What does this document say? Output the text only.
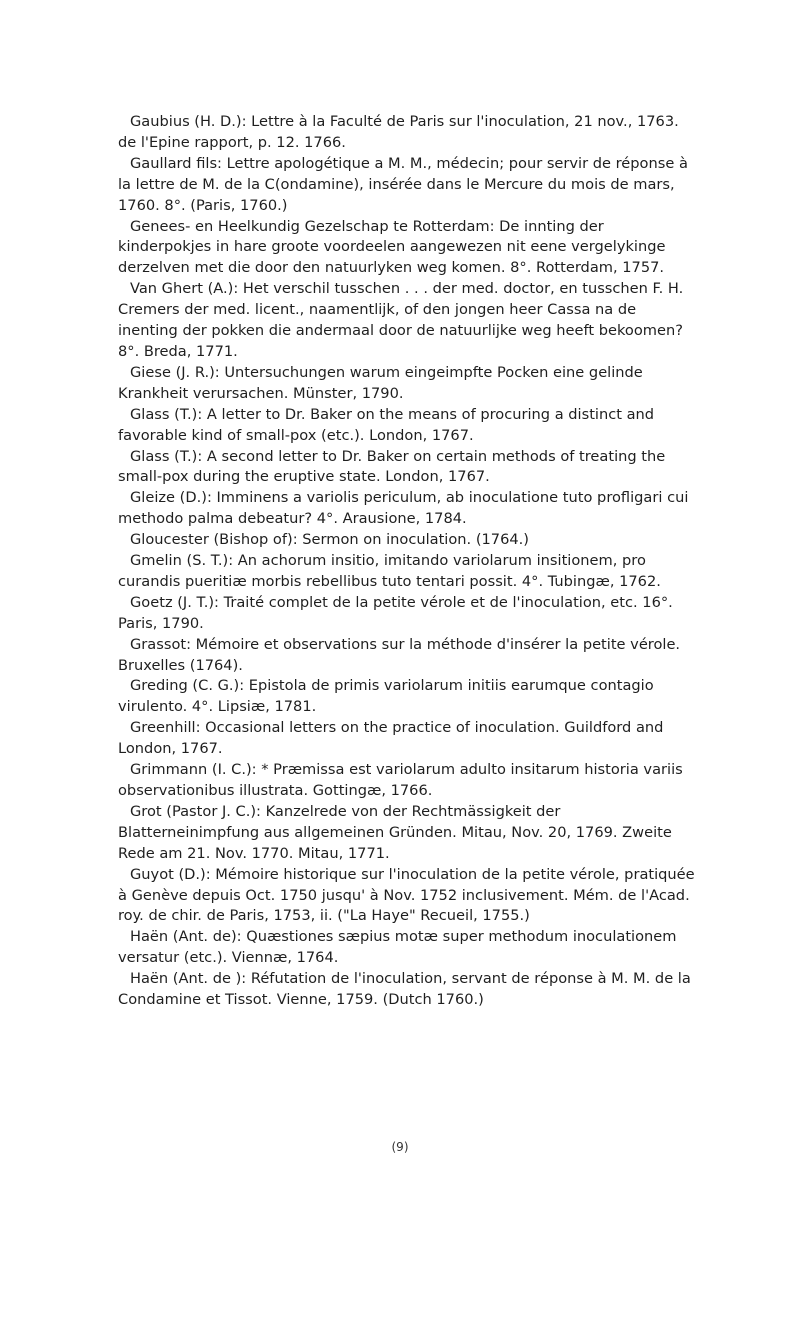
Gaubius (H. D.): Lettre à la Faculté de Paris sur l'inoculation, 21 nov., 1763. de l'Epine rapport, p. 12. 1766.

Gaullard fils: Lettre apologétique a M. M., médecin; pour servir de réponse à la lettre de M. de la C(ondamine), insérée dans le Mercure du mois de mars, 1760. 8°. (Paris, 1760.)

Genees- en Heelkundig Gezelschap te Rotterdam: De innting der kinderpokjes in hare groote voordeelen aangewezen nit eene vergelykinge derzelven met die door den natuurlyken weg komen. 8°. Rotterdam, 1757.

Van Ghert (A.): Het verschil tusschen . . . der med. doctor, en tusschen F. H. Cremers der med. licent., naamentlijk, of den jongen heer Cassa na de inenting der pokken die andermaal door de natuurlijke weg heeft bekoomen? 8°. Breda, 1771.

Giese (J. R.): Untersuchungen warum eingeimpfte Pocken eine gelinde Krankheit verursachen. Münster, 1790.

Glass (T.): A letter to Dr. Baker on the means of procuring a distinct and favorable kind of small-pox (etc.). London, 1767.

Glass (T.): A second letter to Dr. Baker on certain methods of treating the small-pox during the eruptive state. London, 1767.

Gleize (D.): Imminens a variolis periculum, ab inoculatione tuto profligari cui methodo palma debeatur? 4°. Arausione, 1784.

Gloucester (Bishop of): Sermon on inoculation. (1764.)

Gmelin (S. T.): An achorum insitio, imitando variolarum insitionem, pro curandis pueritiæ morbis rebellibus tuto tentari possit. 4°. Tubingæ, 1762.

Goetz (J. T.): Traité complet de la petite vérole et de l'inoculation, etc. 16°. Paris, 1790.

Grassot: Mémoire et observations sur la méthode d'insérer la petite vérole. Bruxelles (1764).

Greding (C. G.): Epistola de primis variolarum initiis earumque contagio virulento. 4°. Lipsiæ, 1781.

Greenhill: Occasional letters on the practice of inoculation. Guildford and London, 1767.

Grimmann (I. C.): * Præmissa est variolarum adulto insitarum historia variis observationibus illustrata. Gottingæ, 1766.

Grot (Pastor J. C.): Kanzelrede von der Rechtmässigkeit der Blatterneinimpfung aus allgemeinen Gründen. Mitau, Nov. 20, 1769. Zweite Rede am 21. Nov. 1770. Mitau, 1771.

Guyot (D.): Mémoire historique sur l'inoculation de la petite vérole, pratiquée à Genève depuis Oct. 1750 jusqu' à Nov. 1752 inclusivement. Mém. de l'Acad. roy. de chir. de Paris, 1753, ii. ("La Haye" Recueil, 1755.)

Haën (Ant. de): Quæstiones sæpius motæ super methodum inoculationem versatur (etc.). Viennæ, 1764.

Haën (Ant. de ): Réfutation de l'inoculation, servant de réponse à M. M. de la Condamine et Tissot. Vienne, 1759. (Dutch 1760.)

(9)
